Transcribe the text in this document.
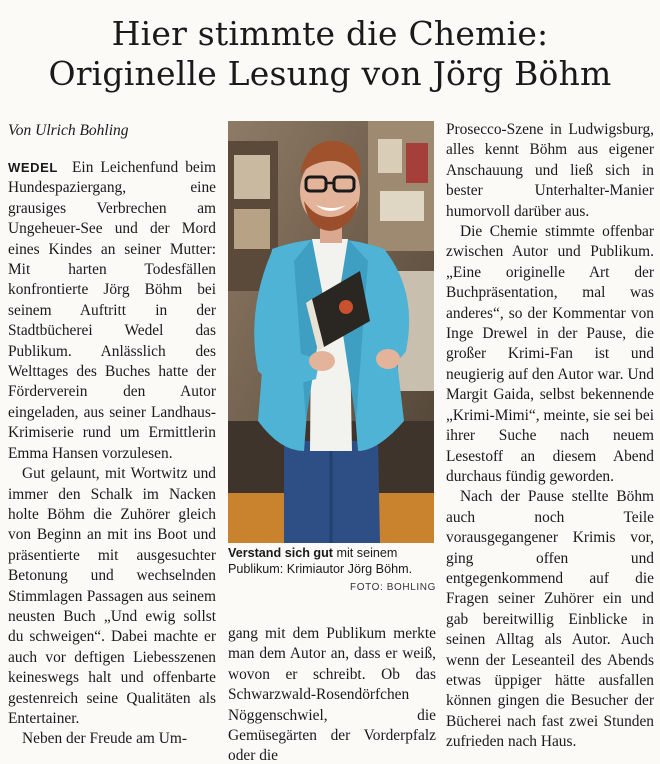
Hier stimmte die Chemie:
Originelle Lesung von Jörg Böhm
Von Ulrich Bohling

WEDEL Ein Leichenfund beim Hundespaziergang, eine grausiges Verbrechen am Ungeheuer-See und der Mord eines Kindes an seiner Mutter: Mit harten Todesfällen konfrontierte Jörg Böhm bei seinem Auftritt in der Stadtbücherei Wedel das Publikum. Anlässlich des Welttages des Buches hatte der Förderverein den Autor eingeladen, aus seiner Landhaus-Krimiserie rund um Ermittlerin Emma Hansen vorzulesen.

Gut gelaunt, mit Wortwitz und immer den Schalk im Nacken holte Böhm die Zuhörer gleich von Beginn an mit ins Boot und präsentierte mit ausgesuchter Betonung und wechselnden Stimmlagen Passagen aus seinem neusten Buch „Und ewig sollst du schweigen“. Dabei machte er auch vor deftigen Liebesszenen keineswegs halt und offenbarte gestenreich seine Qualitäten als Entertainer.

Neben der Freude am Um-

Verstand sich gut mit seinem Publikum: Krimiautor Jörg Böhm.
FOTO: BOHLING

gang mit dem Publikum merkte man dem Autor an, dass er weiß, wovon er schreibt. Ob das Schwarzwald-Rosendörfchen Nöggenschwiel, die Gemüsegärten der Vorderpfalz oder die

Prosecco-Szene in Ludwigsburg, alles kennt Böhm aus eigener Anschauung und ließ sich in bester Unterhalter-Manier humorvoll darüber aus.

Die Chemie stimmte offenbar zwischen Autor und Publikum. „Eine originelle Art der Buchpräsentation, mal was anderes“, so der Kommentar von Inge Drewel in der Pause, die großer Krimi-Fan ist und neugierig auf den Autor war. Und Margit Gaida, selbst bekennende „Krimi-Mimi“, meinte, sie sei bei ihrer Suche nach neuem Lesestoff an diesem Abend durchaus fündig geworden.

Nach der Pause stellte Böhm auch noch Teile vorausgegangener Krimis vor, ging offen und entgegenkommend auf die Fragen seiner Zuhörer ein und gab bereitwillig Einblicke in seinen Alltag als Autor. Auch wenn der Leseanteil des Abends etwas üppiger hätte ausfallen können gingen die Besucher der Bücherei nach fast zwei Stunden zufrieden nach Haus.
